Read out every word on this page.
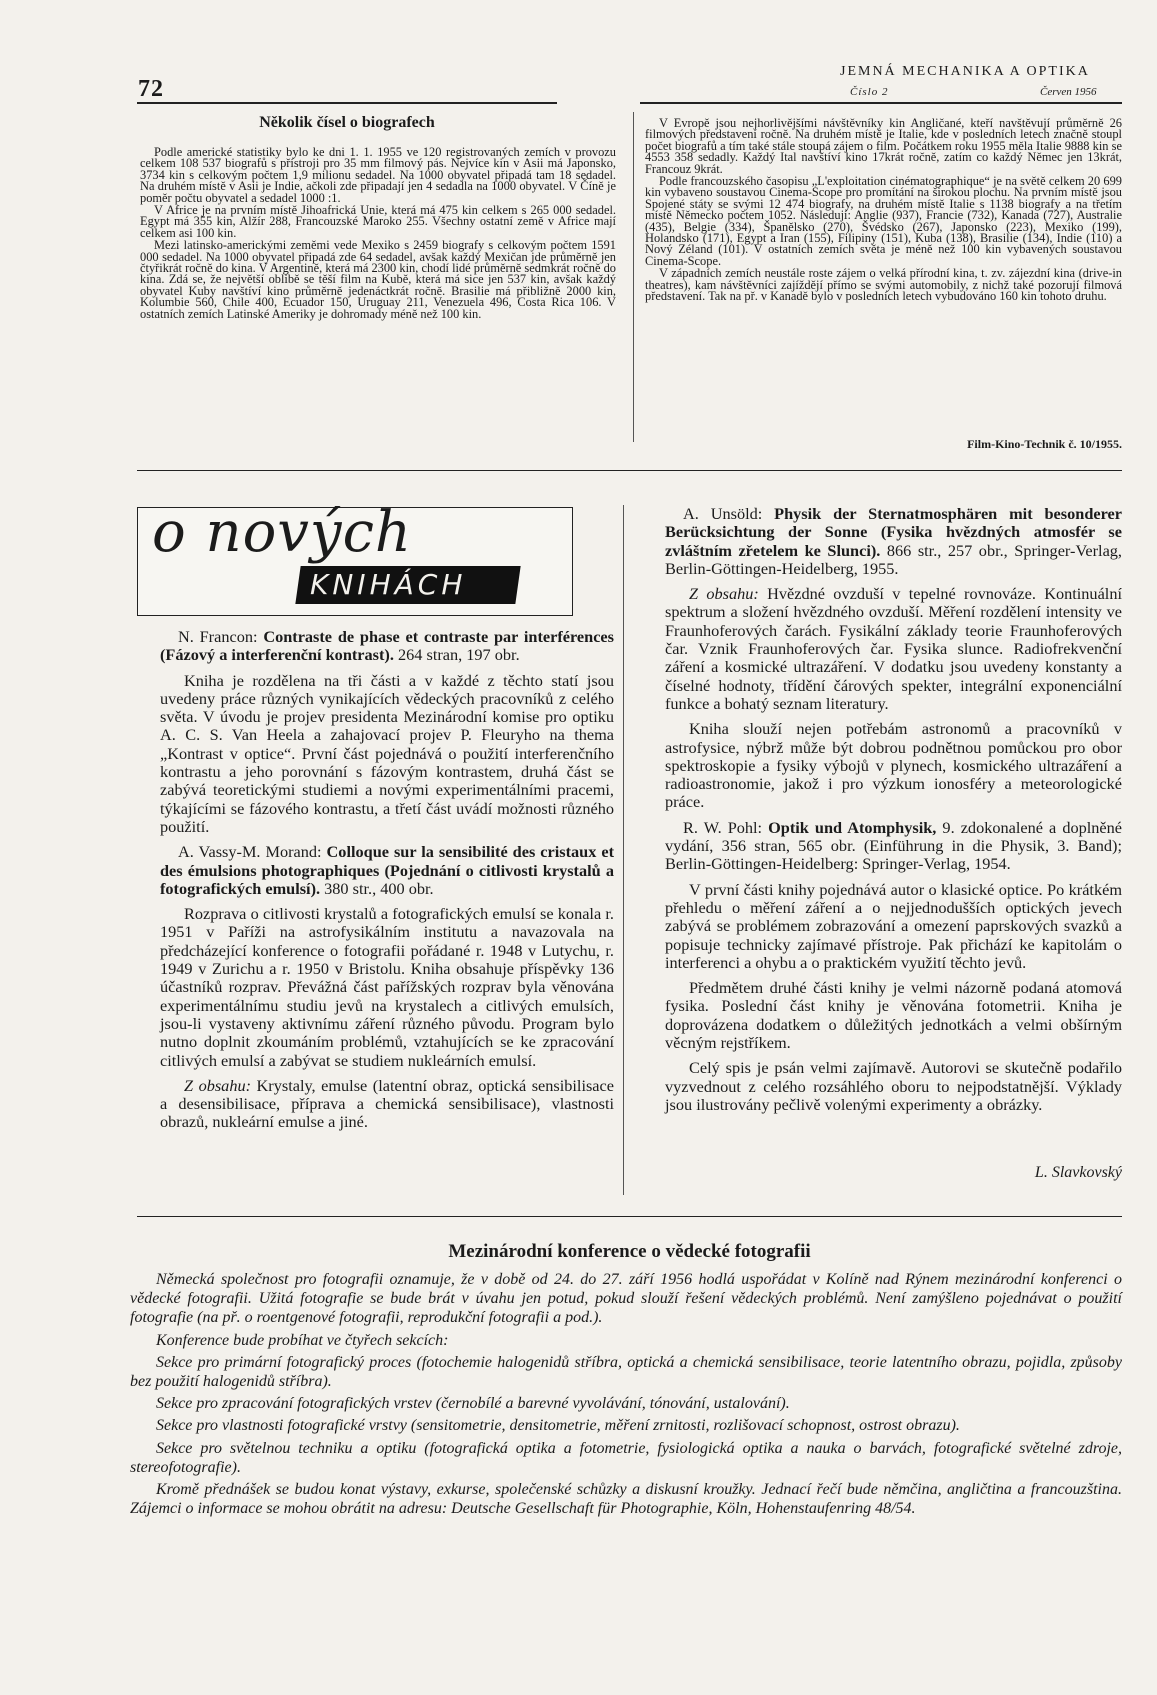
72
JEMNÁ MECHANIKA A OPTIKA
Číslo 2	Červen 1956
Několik čísel o biografech

Podle americké statistiky bylo ke dni 1. 1. 1955 ve 120 registrovaných zemích v provozu celkem 108 537 biografů s přístroji pro 35 mm filmový pás. Nejvíce kin v Asii má Japonsko, 3734 kin s celkovým počtem 1,9 milionu sedadel. Na 1000 obyvatel připadá tam 18 sedadel. Na druhém místě v Asii je Indie, ačkoli zde připadají jen 4 sedadla na 1000 obyvatel. V Číně je poměr počtu obyvatel a sedadel 1000 :1.

V Africe je na prvním místě Jihoafrická Unie, která má 475 kin celkem s 265 000 sedadel. Egypt má 355 kin, Alžír 288, Francouzské Maroko 255. Všechny ostatní země v Africe mají celkem asi 100 kin.

Mezi latinsko-americkými zeměmi vede Mexiko s 2459 biografy s celkovým počtem 1591 000 sedadel. Na 1000 obyvatel připadá zde 64 sedadel, avšak každý Mexičan jde průměrně jen čtyřikrát ročně do kina. V Argentině, která má 2300 kin, chodí lidé průměrně sedmkrát ročně do kina. Zdá se, že největší oblibě se těší film na Kubě, která má sice jen 537 kin, avšak každý obyvatel Kuby navštíví kino průměrně jedenáctkrát ročně. Brasilie má přibližně 2000 kin, Kolumbie 560, Chile 400, Ecuador 150, Uruguay 211, Venezuela 496, Costa Rica 106. V ostatních zemích Latinské Ameriky je dohromady méně než 100 kin.

V Evropě jsou nejhorlivějšími návštěvníky kin Angličané, kteří navštěvují průměrně 26 filmových představení ročně. Na druhém místě je Italie, kde v posledních letech značně stoupl počet biografů a tím také stále stoupá zájem o film. Počátkem roku 1955 měla Italie 9888 kin se 4553 358 sedadly. Každý Ital navštíví kino 17krát ročně, zatím co každý Němec jen 13krát, Francouz 9krát.

Podle francouzského časopisu „L'exploitation cinématographique“ je na světě celkem 20 699 kin vybaveno soustavou Cinema-Scope pro promítání na širokou plochu. Na prvním místě jsou Spojené státy se svými 12 474 biografy, na druhém místě Italie s 1138 biografy a na třetím místě Německo počtem 1052. Následují: Anglie (937), Francie (732), Kanada (727), Australie (435), Belgie (334), Španělsko (270), Švédsko (267), Japonsko (223), Mexiko (199), Holandsko (171), Egypt a Iran (155), Filipiny (151), Kuba (138), Brasilie (134), Indie (110) a Nový Zéland (101). V ostatních zemích světa je méně než 100 kin vybavených soustavou Cinema-Scope.

V západních zemích neustále roste zájem o velká přírodní kina, t. zv. zájezdní kina (drive-in theatres), kam návštěvníci zajíždějí přímo se svými automobily, z nichž také pozorují filmová představení. Tak na př. v Kanadě bylo v posledních letech vybudováno 160 kin tohoto druhu.

Film-Kino-Technik č. 10/1955.
o nových
KNIHÁCH

N. Francon: Contraste de phase et contraste par interférences (Fázový a interferenční kontrast). 264 stran, 197 obr.

Kniha je rozdělena na tři části a v každé z těchto statí jsou uvedeny práce různých vynikajících vědeckých pracovníků z celého světa. V úvodu je projev presidenta Mezinárodní komise pro optiku A. C. S. Van Heela a zahajovací projev P. Fleuryho na thema „Kontrast v optice“. První část pojednává o použití interferenčního kontrastu a jeho porovnání s fázovým kontrastem, druhá část se zabývá teoretickými studiemi a novými experimentálními pracemi, týkajícími se fázového kontrastu, a třetí část uvádí možnosti různého použití.

A. Vassy-M. Morand: Colloque sur la sensibilité des cristaux et des émulsions photographiques (Pojednání o citlivosti krystalů a fotografických emulsí). 380 str., 400 obr.

Rozprava o citlivosti krystalů a fotografických emulsí se konala r. 1951 v Paříži na astrofysikálním institutu a navazovala na předcházející konference o fotografii pořádané r. 1948 v Lutychu, r. 1949 v Zurichu a r. 1950 v Bristolu. Kniha obsahuje příspěvky 136 účastníků rozprav. Převážná část pařížských rozprav byla věnována experimentálnímu studiu jevů na krystalech a citlivých emulsích, jsou-li vystaveny aktivnímu záření různého původu. Program bylo nutno doplnit zkoumáním problémů, vztahujících se ke zpracování citlivých emulsí a zabývat se studiem nukleárních emulsí.

Z obsahu: Krystaly, emulse (latentní obraz, optická sensibilisace a desensibilisace, příprava a chemická sensibilisace), vlastnosti obrazů, nukleární emulse a jiné.

A. Unsöld: Physik der Sternatmosphären mit besonderer Berücksichtung der Sonne (Fysika hvězdných atmosfér se zvláštním zřetelem ke Slunci). 866 str., 257 obr., Springer-Verlag, Berlin-Göttingen-Heidelberg, 1955.

Z obsahu: Hvězdné ovzduší v tepelné rovnováze. Kontinuální spektrum a složení hvězdného ovzduší. Měření rozdělení intensity ve Fraunhoferových čarách. Fysikální základy teorie Fraunhoferových čar. Vznik Fraunhoferových čar. Fysika slunce. Radiofrekvenční záření a kosmické ultrazáření. V dodatku jsou uvedeny konstanty a číselné hodnoty, třídění čárových spekter, integrální exponenciální funkce a bohatý seznam literatury.

Kniha slouží nejen potřebám astronomů a pracovníků v astrofysice, nýbrž může být dobrou podnětnou pomůckou pro obor spektroskopie a fysiky výbojů v plynech, kosmického ultrazáření a radioastronomie, jakož i pro výzkum ionosféry a meteorologické práce.

R. W. Pohl: Optik und Atomphysik, 9. zdokonalené a doplněné vydání, 356 stran, 565 obr. (Einführung in die Physik, 3. Band); Berlin-Göttingen-Heidelberg: Springer-Verlag, 1954.

V první části knihy pojednává autor o klasické optice. Po krátkém přehledu o měření záření a o nejjednodušších optických jevech zabývá se problémem zobrazování a omezení paprskových svazků a popisuje technicky zajímavé přístroje. Pak přichází ke kapitolám o interferenci a ohybu a o praktickém využití těchto jevů.

Předmětem druhé části knihy je velmi názorně podaná atomová fysika. Poslední část knihy je věnována fotometrii. Kniha je doprovázena dodatkem o důležitých jednotkách a velmi obšírným věcným rejstříkem.

Celý spis je psán velmi zajímavě. Autorovi se skutečně podařilo vyzvednout z celého rozsáhlého oboru to nejpodstatnější. Výklady jsou ilustrovány pečlivě volenými experimenty a obrázky.

L. Slavkovský
Mezinárodní konference o vědecké fotografii

Německá společnost pro fotografii oznamuje, že v době od 24. do 27. září 1956 hodlá uspořádat v Kolíně nad Rýnem mezinárodní konferenci o vědecké fotografii. Užitá fotografie se bude brát v úvahu jen potud, pokud slouží řešení vědeckých problémů. Není zamýšleno pojednávat o použití fotografie (na př. o roentgenové fotografii, reprodukční fotografii a pod.).

Konference bude probíhat ve čtyřech sekcích:

Sekce pro primární fotografický proces (fotochemie halogenidů stříbra, optická a chemická sensibilisace, teorie latentního obrazu, pojidla, způsoby bez použití halogenidů stříbra).

Sekce pro zpracování fotografických vrstev (černobílé a barevné vyvolávání, tónování, ustalování).

Sekce pro vlastnosti fotografické vrstvy (sensitometrie, densitometrie, měření zrnitosti, rozlišovací schopnost, ostrost obrazu).

Sekce pro světelnou techniku a optiku (fotografická optika a fotometrie, fysiologická optika a nauka o barvách, fotografické světelné zdroje, stereofotografie).

Kromě přednášek se budou konat výstavy, exkurse, společenské schůzky a diskusní kroužky. Jednací řečí bude němčina, angličtina a francouzština. Zájemci o informace se mohou obrátit na adresu: Deutsche Gesellschaft für Photographie, Köln, Hohenstaufenring 48/54.
